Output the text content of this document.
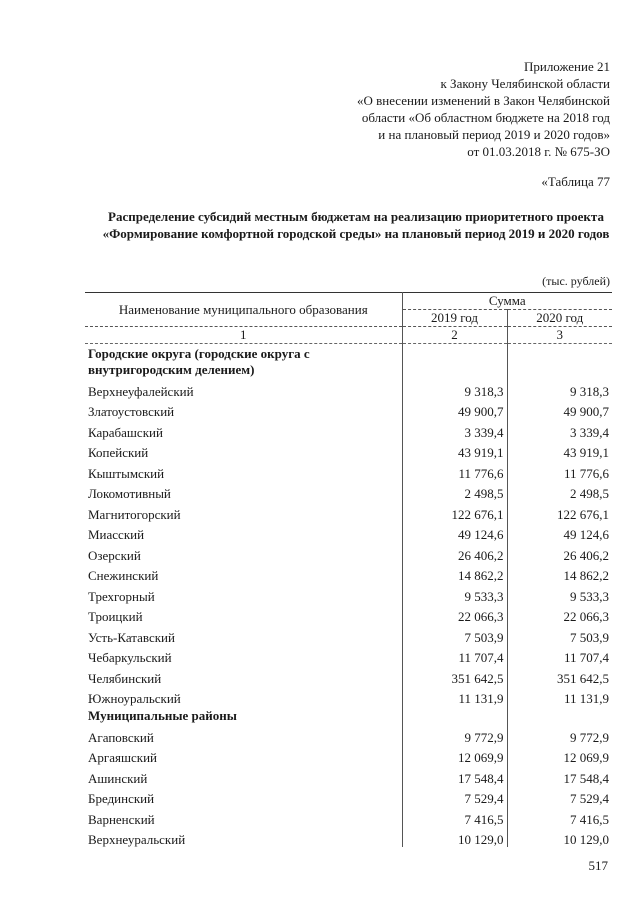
Приложение 21
к Закону Челябинской области
«О внесении изменений в Закон Челябинской
области «Об областном бюджете на 2018 год
и на плановый период 2019 и 2020 годов»
от 01.03.2018 г. № 675-ЗО
«Таблица 77
Распределение субсидий местным бюджетам на реализацию приоритетного проекта «Формирование комфортной городской среды» на плановый период 2019 и 2020 годов
(тыс. рублей)
Наименование муниципального образования	Сумма	
	2019 год	2020 год
1	2	3
Городские округа (городские округа с внутригородским делением)		
Верхнеуфалейский	9 318,3	9 318,3
Златоустовский	49 900,7	49 900,7
Карабашский	3 339,4	3 339,4
Копейский	43 919,1	43 919,1
Кыштымский	11 776,6	11 776,6
Локомотивный	2 498,5	2 498,5
Магнитогорский	122 676,1	122 676,1
Миасский	49 124,6	49 124,6
Озерский	26 406,2	26 406,2
Снежинский	14 862,2	14 862,2
Трехгорный	9 533,3	9 533,3
Троицкий	22 066,3	22 066,3
Усть-Катавский	7 503,9	7 503,9
Чебаркульский	11 707,4	11 707,4
Челябинский	351 642,5	351 642,5
Южноуральский	11 131,9	11 131,9
Муниципальные районы		
Агаповский	9 772,9	9 772,9
Аргаяшский	12 069,9	12 069,9
Ашинский	17 548,4	17 548,4
Брединский	7 529,4	7 529,4
Варненский	7 416,5	7 416,5
Верхнеуральский	10 129,0	10 129,0
517
